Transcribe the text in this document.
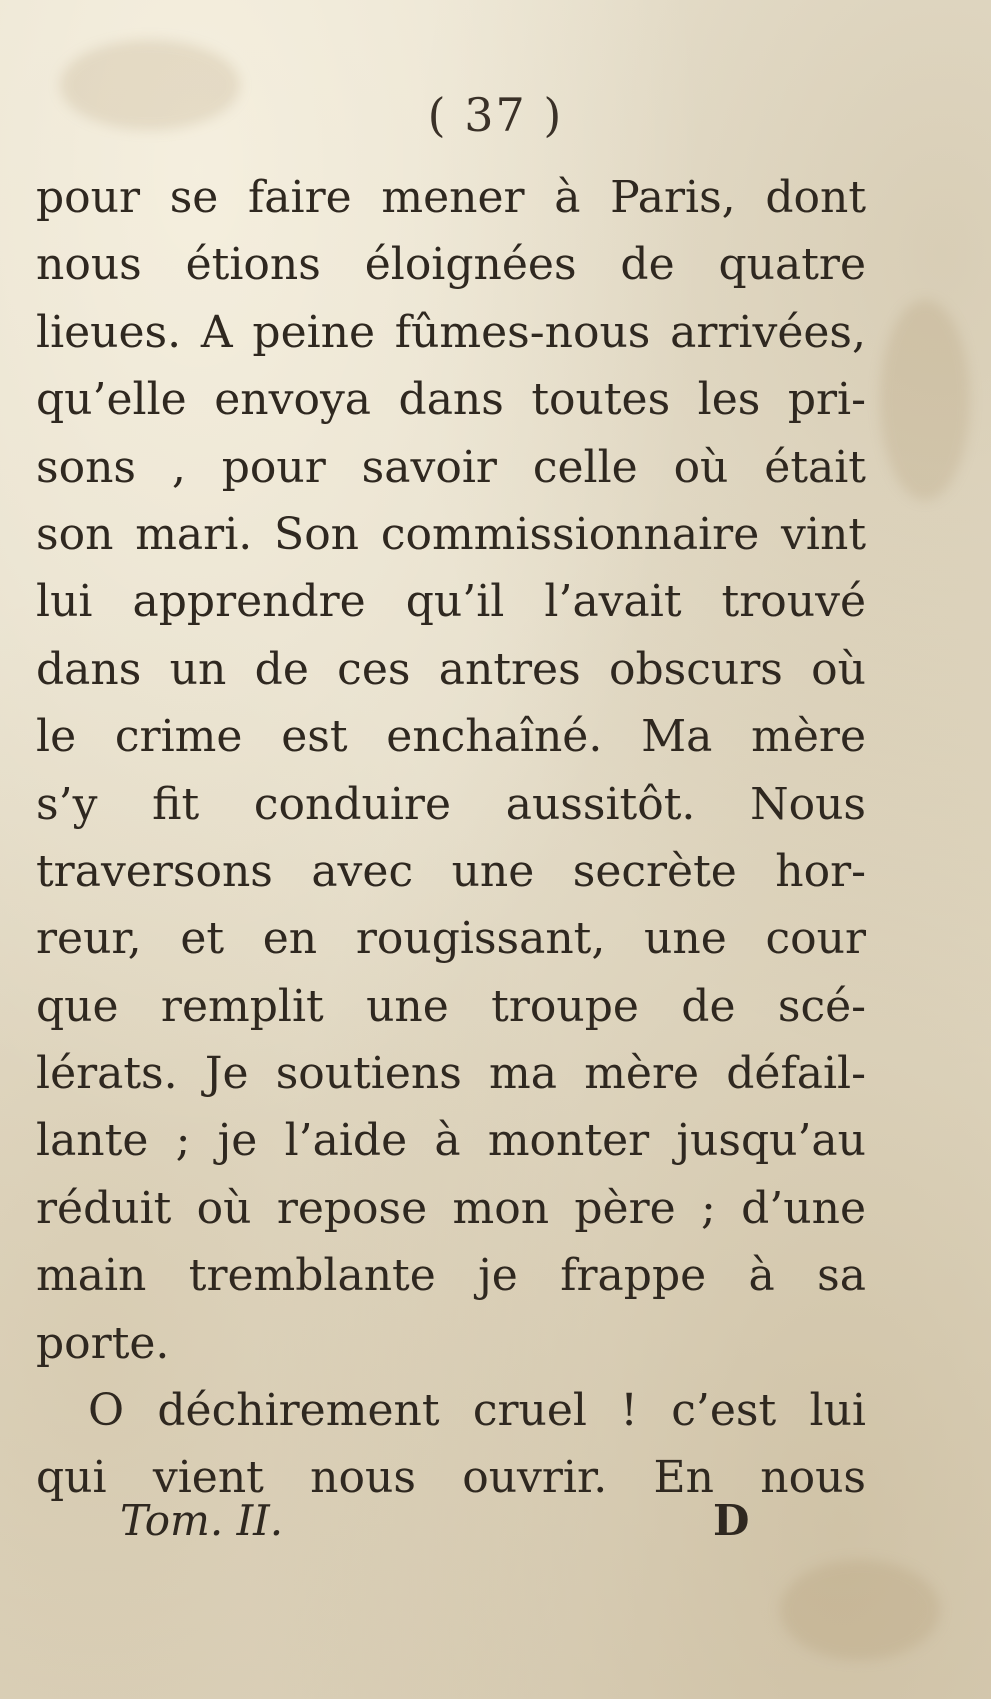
( 37 )
pour se faire mener à Paris, dont
nous étions éloignées de quatre
lieues. A peine fûmes-nous arrivées,
qu’elle envoya dans toutes les pri-
sons , pour savoir celle où était
son mari. Son commissionnaire vint
lui apprendre qu’il l’avait trouvé
dans un de ces antres obscurs où
le crime est enchaîné. Ma mère
s’y fit conduire aussitôt. Nous
traversons avec une secrète hor-
reur, et en rougissant, une cour
que remplit une troupe de scé-
lérats. Je soutiens ma mère défail-
lante ; je l’aide à monter jusqu’au
réduit où repose mon père ; d’une
main tremblante je frappe à sa
porte.
O déchirement cruel ! c’est lui
qui vient nous ouvrir. En nous
Tom. II.	D
